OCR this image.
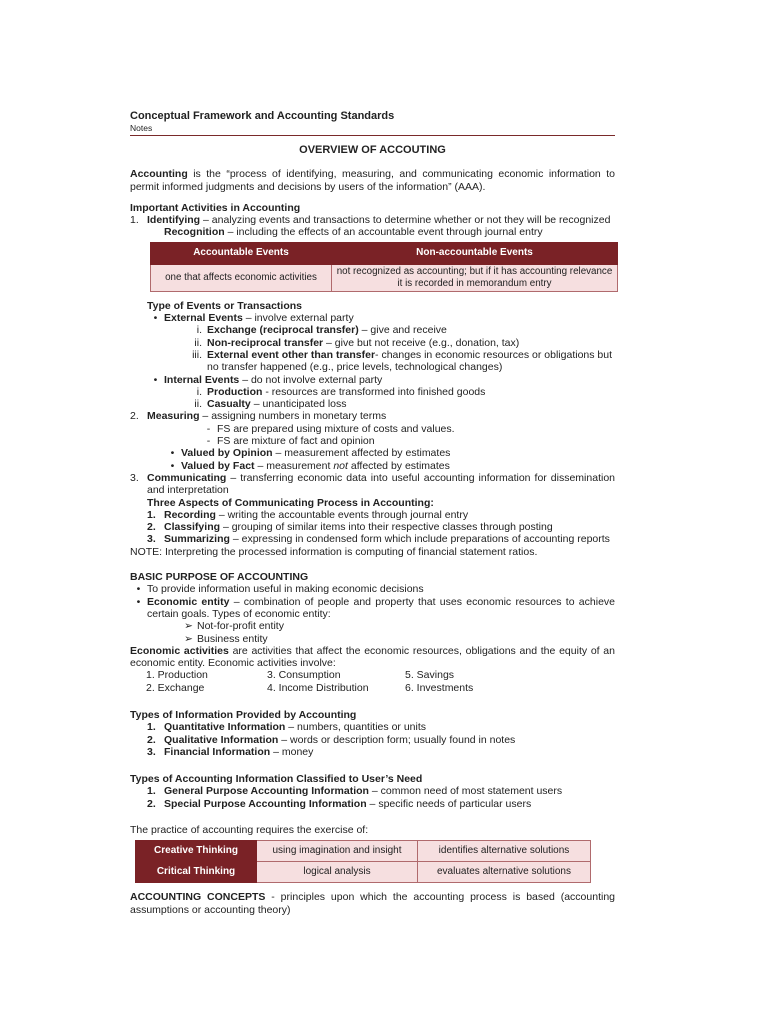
Conceptual Framework and Accounting Standards
Notes
OVERVIEW OF ACCOUTING
Accounting is the “process of identifying, measuring, and communicating economic information to permit informed judgments and decisions by users of the information” (AAA).
Important Activities in Accounting
1. Identifying – analyzing events and transactions to determine whether or not they will be recognized
Recognition – including the effects of an accountable event through journal entry
Accountable Events	Non-accountable Events
one that affects economic activities	not recognized as accounting; but if it has accounting relevance it is recorded in memorandum entry
Type of Events or Transactions
• External Events – involve external party
i. Exchange (reciprocal transfer) – give and receive
ii. Non-reciprocal transfer – give but not receive (e.g., donation, tax)
iii. External event other than transfer- changes in economic resources or obligations but no transfer happened (e.g., price levels, technological changes)
• Internal Events – do not involve external party
i. Production - resources are transformed into finished goods
ii. Casualty – unanticipated loss
2. Measuring – assigning numbers in monetary terms
- FS are prepared using mixture of costs and values.
- FS are mixture of fact and opinion
• Valued by Opinion – measurement affected by estimates
• Valued by Fact – measurement not affected by estimates
3. Communicating – transferring economic data into useful accounting information for dissemination and interpretation
Three Aspects of Communicating Process in Accounting:
1. Recording – writing the accountable events through journal entry
2. Classifying – grouping of similar items into their respective classes through posting
3. Summarizing – expressing in condensed form which include preparations of accounting reports
NOTE: Interpreting the processed information is computing of financial statement ratios.
BASIC PURPOSE OF ACCOUNTING
• To provide information useful in making economic decisions
• Economic entity – combination of people and property that uses economic resources to achieve certain goals. Types of economic entity:
➢ Not-for-profit entity
➢ Business entity
Economic activities are activities that affect the economic resources, obligations and the equity of an economic entity. Economic activities involve:
1. Production	3. Consumption	5. Savings
2. Exchange	4. Income Distribution	6. Investments
Types of Information Provided by Accounting
1. Quantitative Information – numbers, quantities or units
2. Qualitative Information – words or description form; usually found in notes
3. Financial Information – money
Types of Accounting Information Classified to User’s Need
1. General Purpose Accounting Information – common need of most statement users
2. Special Purpose Accounting Information – specific needs of particular users
The practice of accounting requires the exercise of:
Creative Thinking	using imagination and insight	identifies alternative solutions
Critical Thinking	logical analysis	evaluates alternative solutions
ACCOUNTING CONCEPTS - principles upon which the accounting process is based (accounting assumptions or accounting theory)
